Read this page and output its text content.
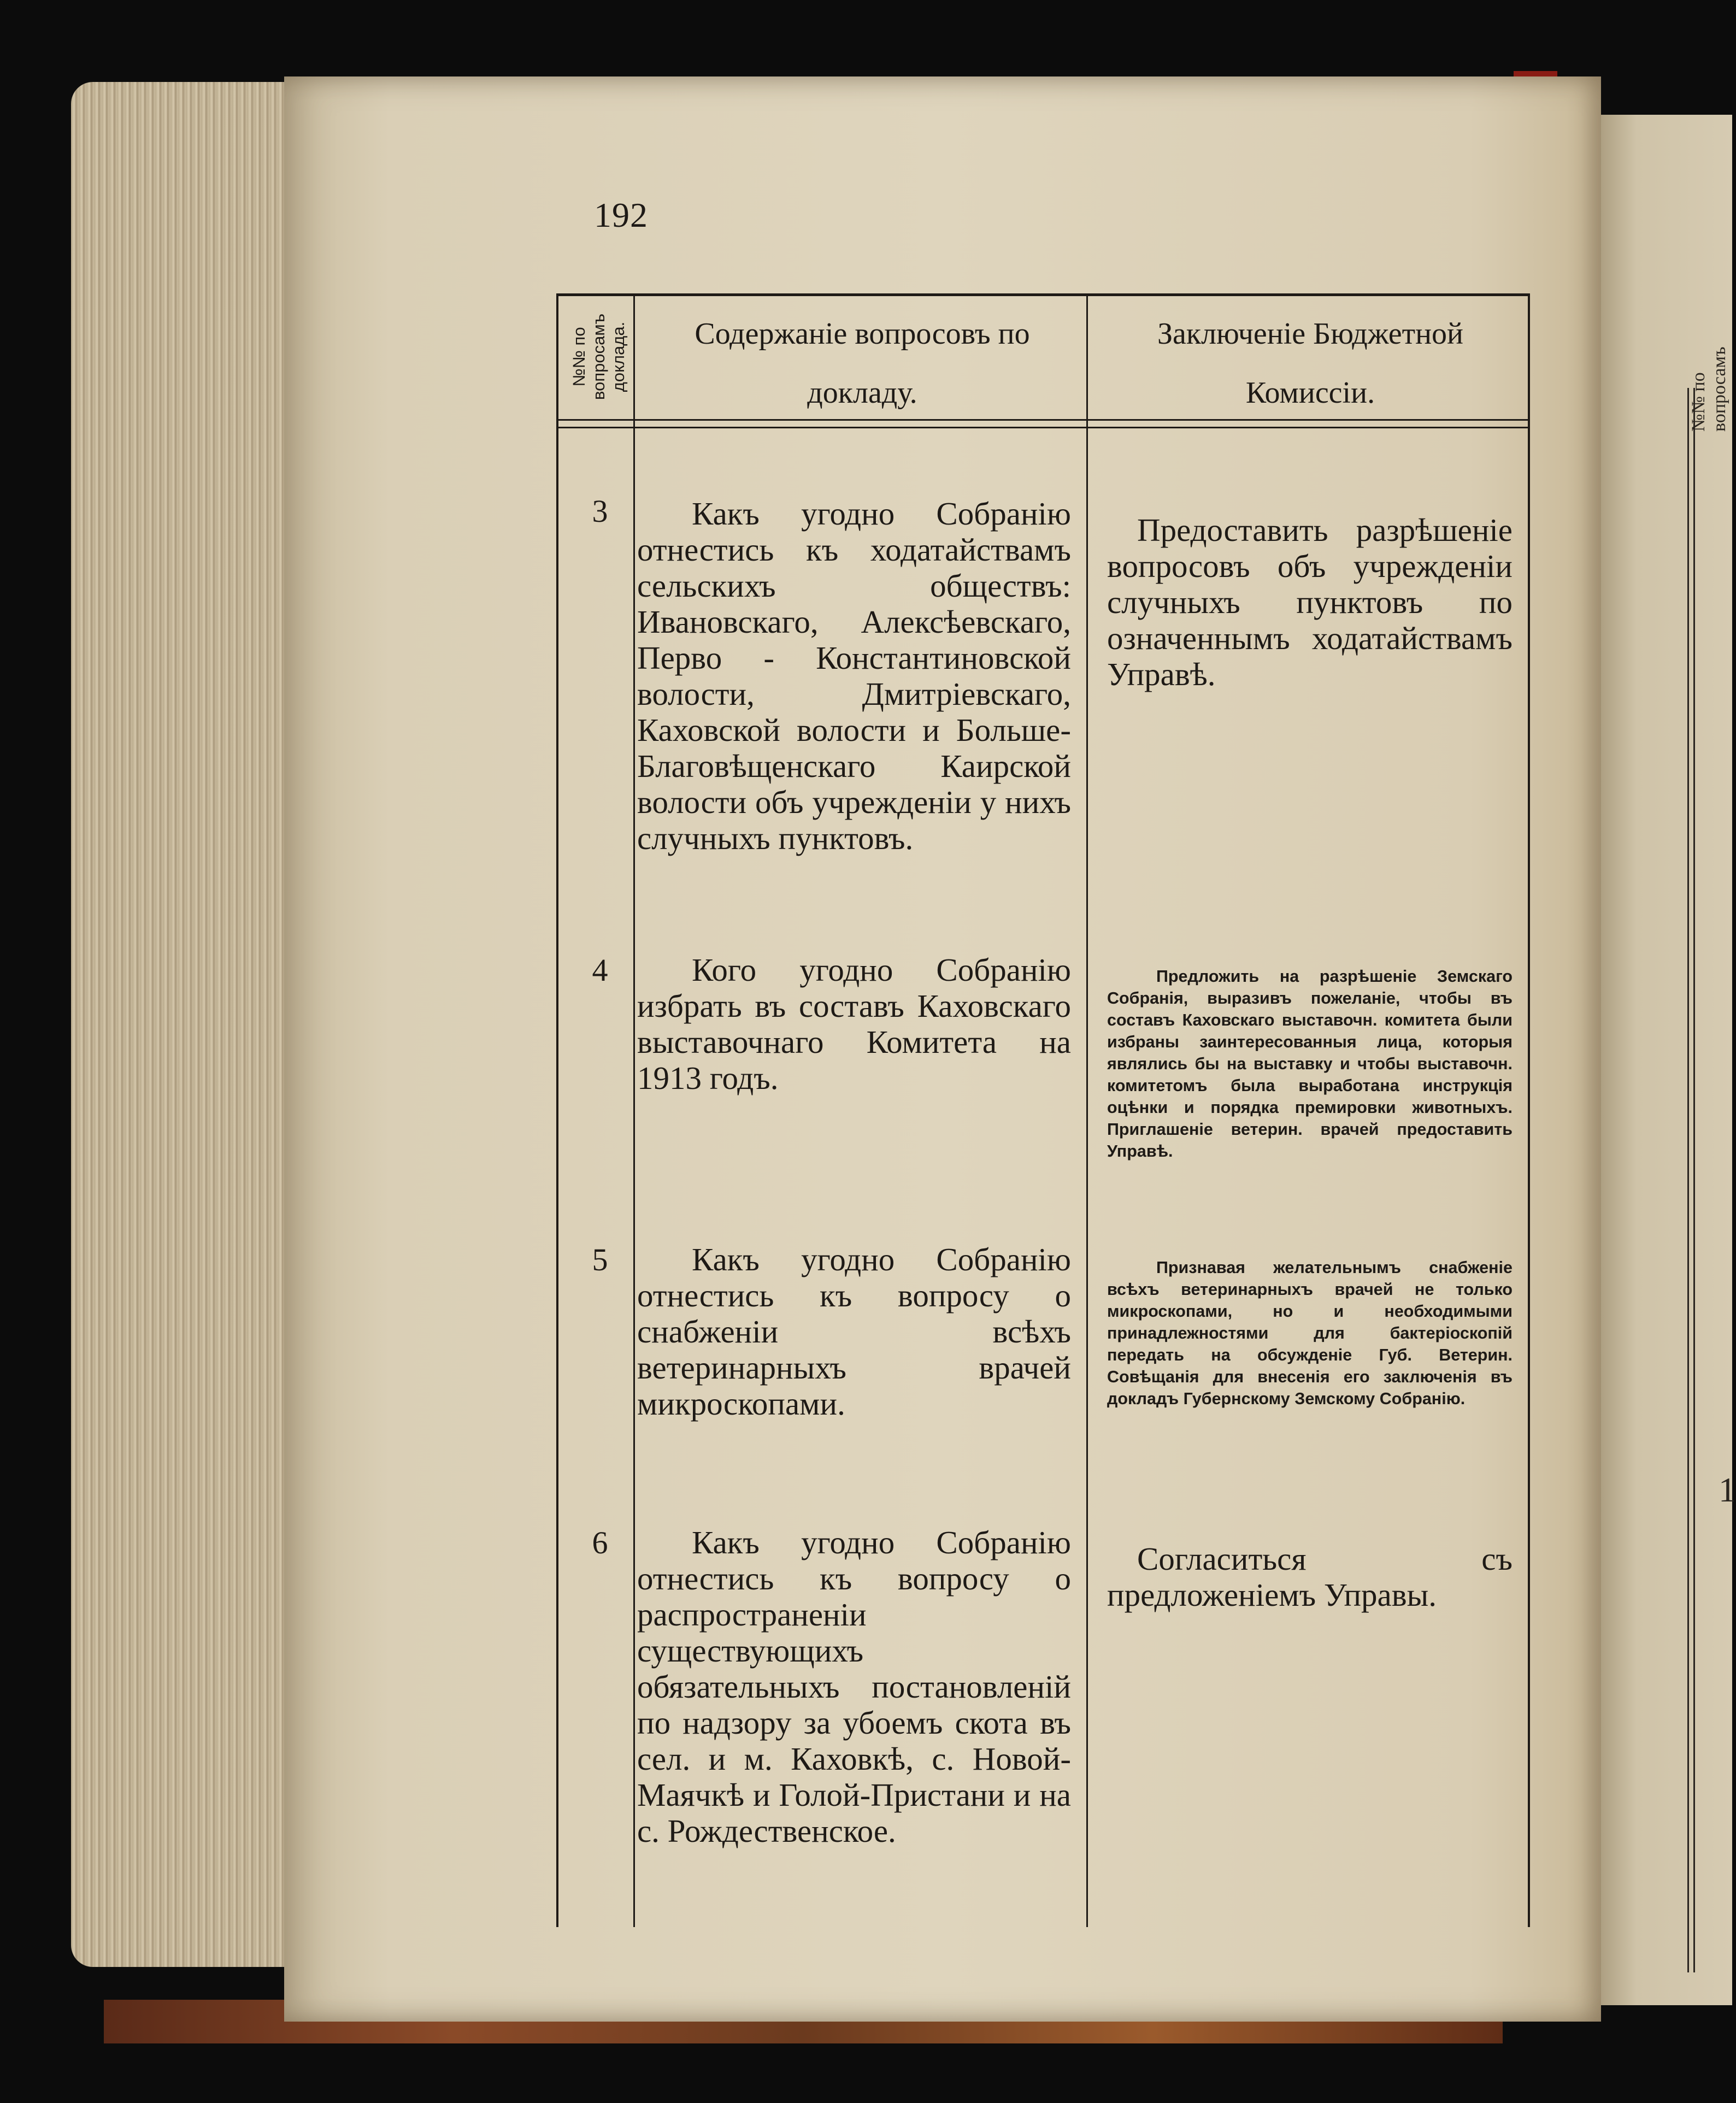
№№ по
вопросамъ
1
192
№№ по
вопросамъ
доклада.	Содержаніе вопросовъ по докладу.
Заключеніе Бюджетной Комиссіи.
3	Какъ угодно Собранію отнестись къ ходатайствамъ сельскихъ обществъ: Ивановскаго, Алексѣевскаго, Перво - Константиновской волости, Дмитріевскаго, Каховской волости и Больше-Благовѣщенскаго Каирской волости объ учрежденіи у нихъ случныхъ пунктовъ.
Предоставить разрѣшеніе вопросовъ объ учрежденіи случныхъ пунктовъ по означеннымъ ходатайствамъ Управѣ.
4	Кого угодно Собранію избрать въ составъ Каховскаго выставочнаго Комитета на 1913 годъ.
Предложить на разрѣшеніе Земскаго Собранія, выразивъ пожеланіе, чтобы въ составъ Каховскаго выставочн. комитета были избраны заинтересованныя лица, которыя являлись бы на выставку и чтобы выставочн. комитетомъ была выработана инструкція оцѣнки и порядка премировки животныхъ. Приглашеніе ветерин. врачей предоставить Управѣ.
5	Какъ угодно Собранію отнестись къ вопросу о снабженіи всѣхъ ветеринарныхъ врачей микроскопами.
Признавая желательнымъ снабженіе всѣхъ ветеринарныхъ врачей не только микроскопами, но и необходимыми принадлежностями для бактеріоскопій передать на обсужденіе Губ. Ветерин. Совѣщанія для внесенія его заключенія въ докладъ Губернскому Земскому Собранію.
6	Какъ угодно Собранію отнестись къ вопросу о распространеніи существующихъ обязательныхъ постановленій по надзору за убоемъ скота въ сел. и м. Каховкѣ, с. Новой-Маячкѣ и Голой-Пристани и на с. Рождественское.
Согласиться съ предложеніемъ Управы.
